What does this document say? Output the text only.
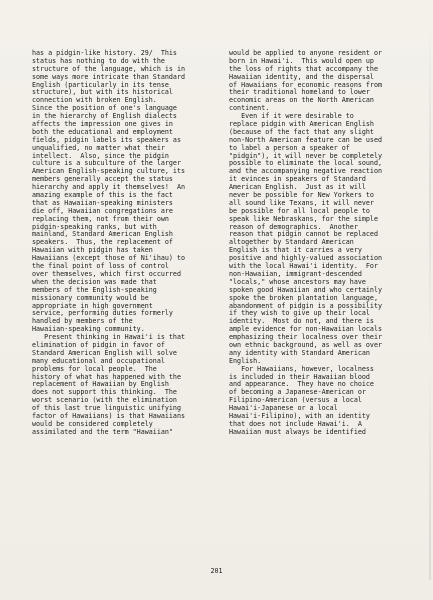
has a pidgin-like history. 29/  This
status has nothing to do with the
structure of the language, which is in
some ways more intricate than Standard
English (particularly in its tense
structure), but with its historical
connection with broken English.
Since the position of one's language
in the hierarchy of English dialects
affects the impression one gives in
both the educational and employment
fields, pidgin labels its speakers as
unqualified, no matter what their
intellect.  Also, since the pidgin
culture is a subculture of the larger
American English-speaking culture, its
members generally accept the status
hierarchy and apply it themselves!  An
amazing example of this is the fact
that as Hawaiian-speaking ministers
die off, Hawaiian congregations are
replacing them, not from their own
pidgin-speaking ranks, but with
mainland, Standard American English
speakers.  Thus, the replacement of
Hawaiian with pidgin has taken
Hawaiians (except those of Ni'ihau) to
the final point of loss of control
over themselves, which first occurred
when the decision was made that
members of the English-speaking
missionary community would be
appropriate in high government
service, performing duties formerly
handled by members of the
Hawaiian-speaking community.
Present thinking in Hawai'i is that
elimination of pidgin in favor of
Standard American English will solve
many educational and occupational
problems for local people.  The
history of what has happened with the
replacement of Hawaiian by English
does not support this thinking.  The
worst scenario (with the elimination
of this last true linguistic unifying
factor of Hawaiians) is that Hawaiians
would be considered completely
assimilated and the term "Hawaiian"
would be applied to anyone resident or
born in Hawai'i.  This would open up
the loss of rights that accompany the
Hawaiian identity, and the dispersal
of Hawaiians for economic reasons from
their traditional homeland to lower
economic areas on the North American
continent.
Even if it were desirable to
replace pidgin with American English
(because of the fact that any slight
non-North American feature can be used
to label a person a speaker of
"pidgin"), it will never be completely
possible to eliminate the local sound,
and the accompanying negative reaction
it evinces in speakers of Standard
American English.  Just as it will
never be possible for New Yorkers to
all sound like Texans, it will never
be possible for all local people to
speak like Nebraskans, for the simple
reason of demographics.  Another
reason that pidgin cannot be replaced
altogether by Standard American
English is that it carries a very
positive and highly-valued association
with the local Hawai'i identity.  For
non-Hawaiian, immigrant-descended
"locals," whose ancestors may have
spoken good Hawaiian and who certainly
spoke the broken plantation language,
abandonment of pidgin is a possibility
if they wish to give up their local
identity.  Most do not, and there is
ample evidence for non-Hawaiian locals
emphasizing their localness over their
own ethnic background, as well as over
any identity with Standard American
English.
For Hawaiians, however, localness
is included in their Hawaiian blood
and appearance.  They have no choice
of becoming a Japanese-American or
Filipino-American (versus a local
Hawai'i-Japanese or a local
Hawai'i-Filipino), with an identity
that does not include Hawai'i.  A
Hawaiian must always be identified
201
